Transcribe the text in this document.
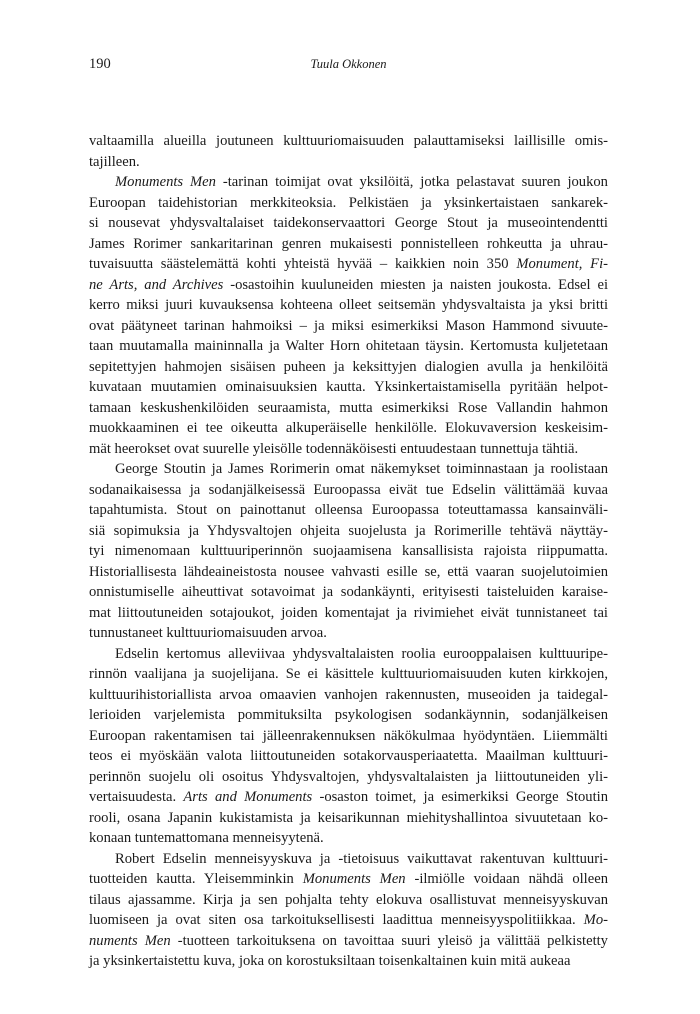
190	Tuula Okkonen

valtaamilla alueilla joutuneen kulttuuriomaisuuden palauttamiseksi laillisille omis-
tajilleen.

Monuments Men -tarinan toimijat ovat yksilöitä, jotka pelastavat suuren joukon
Euroopan taidehistorian merkkiteoksia. Pelkistäen ja yksinkertaistaen sankarek-
si nousevat yhdysvaltalaiset taidekonservaattori George Stout ja museointendentti
James Rorimer sankaritarinan genren mukaisesti ponnistelleen rohkeutta ja uhrau-
tuvaisuutta säästelemättä kohti yhteistä hyvää – kaikkien noin 350 Monument, Fi-
ne Arts, and Archives -osastoihin kuuluneiden miesten ja naisten joukosta. Edsel ei
kerro miksi juuri kuvauksensa kohteena olleet seitsemän yhdysvaltaista ja yksi britti
ovat päätyneet tarinan hahmoiksi – ja miksi esimerkiksi Mason Hammond sivuute-
taan muutamalla maininnalla ja Walter Horn ohitetaan täysin. Kertomusta kuljetetaan
sepitettyjen hahmojen sisäisen puheen ja keksittyjen dialogien avulla ja henkilöitä
kuvataan muutamien ominaisuuksien kautta. Yksinkertaistamisella pyritään helpot-
tamaan keskushenkilöiden seuraamista, mutta esimerkiksi Rose Vallandin hahmon
muokkaaminen ei tee oikeutta alkuperäiselle henkilölle. Elokuvaversion keskeisim-
mät heerokset ovat suurelle yleisölle todennäköisesti entuudestaan tunnettuja tähtiä.

George Stoutin ja James Rorimerin omat näkemykset toiminnastaan ja roolistaan
sodanaikaisessa ja sodanjälkeisessä Euroopassa eivät tue Edselin välittämää kuvaa
tapahtumista. Stout on painottanut olleensa Euroopassa toteuttamassa kansainväli-
siä sopimuksia ja Yhdysvaltojen ohjeita suojelusta ja Rorimerille tehtävä näyttäy-
tyi nimenomaan kulttuuriperinnön suojaamisena kansallisista rajoista riippumatta.
Historiallisesta lähdeaineistosta nousee vahvasti esille se, että vaaran suojelutoimien
onnistumiselle aiheuttivat sotavoimat ja sodankäynti, erityisesti taisteluiden karaise-
mat liittoutuneiden sotajoukot, joiden komentajat ja rivimiehet eivät tunnistaneet tai
tunnustaneet kulttuuriomaisuuden arvoa.

Edselin kertomus alleviivaa yhdysvaltalaisten roolia eurooppalaisen kulttuuripe-
rinnön vaalijana ja suojelijana. Se ei käsittele kulttuuriomaisuuden kuten kirkkojen,
kulttuurihistoriallista arvoa omaavien vanhojen rakennusten, museoiden ja taidegal-
lerioiden varjelemista pommituksilta psykologisen sodankäynnin, sodanjälkeisen
Euroopan rakentamisen tai jälleenrakennuksen näkökulmaa hyödyntäen. Liiemmälti
teos ei myöskään valota liittoutuneiden sotakorvausperiaatetta. Maailman kulttuuri-
perinnön suojelu oli osoitus Yhdysvaltojen, yhdysvaltalaisten ja liittoutuneiden yli-
vertaisuudesta. Arts and Monuments -osaston toimet, ja esimerkiksi George Stoutin
rooli, osana Japanin kukistamista ja keisarikunnan miehityshallintoa sivuutetaan ko-
konaan tuntemattomana menneisyytenä.

Robert Edselin menneisyyskuva ja -tietoisuus vaikuttavat rakentuvan kulttuuri-
tuotteiden kautta. Yleisemminkin Monuments Men -ilmiölle voidaan nähdä olleen
tilaus ajassamme. Kirja ja sen pohjalta tehty elokuva osallistuvat menneisyyskuvan
luomiseen ja ovat siten osa tarkoituksellisesti laadittua menneisyyspolitiikkaa. Mo-
numents Men -tuotteen tarkoituksena on tavoittaa suuri yleisö ja välittää pelkistetty
ja yksinkertaistettu kuva, joka on korostuksiltaan toisenkaltainen kuin mitä aukeaa
